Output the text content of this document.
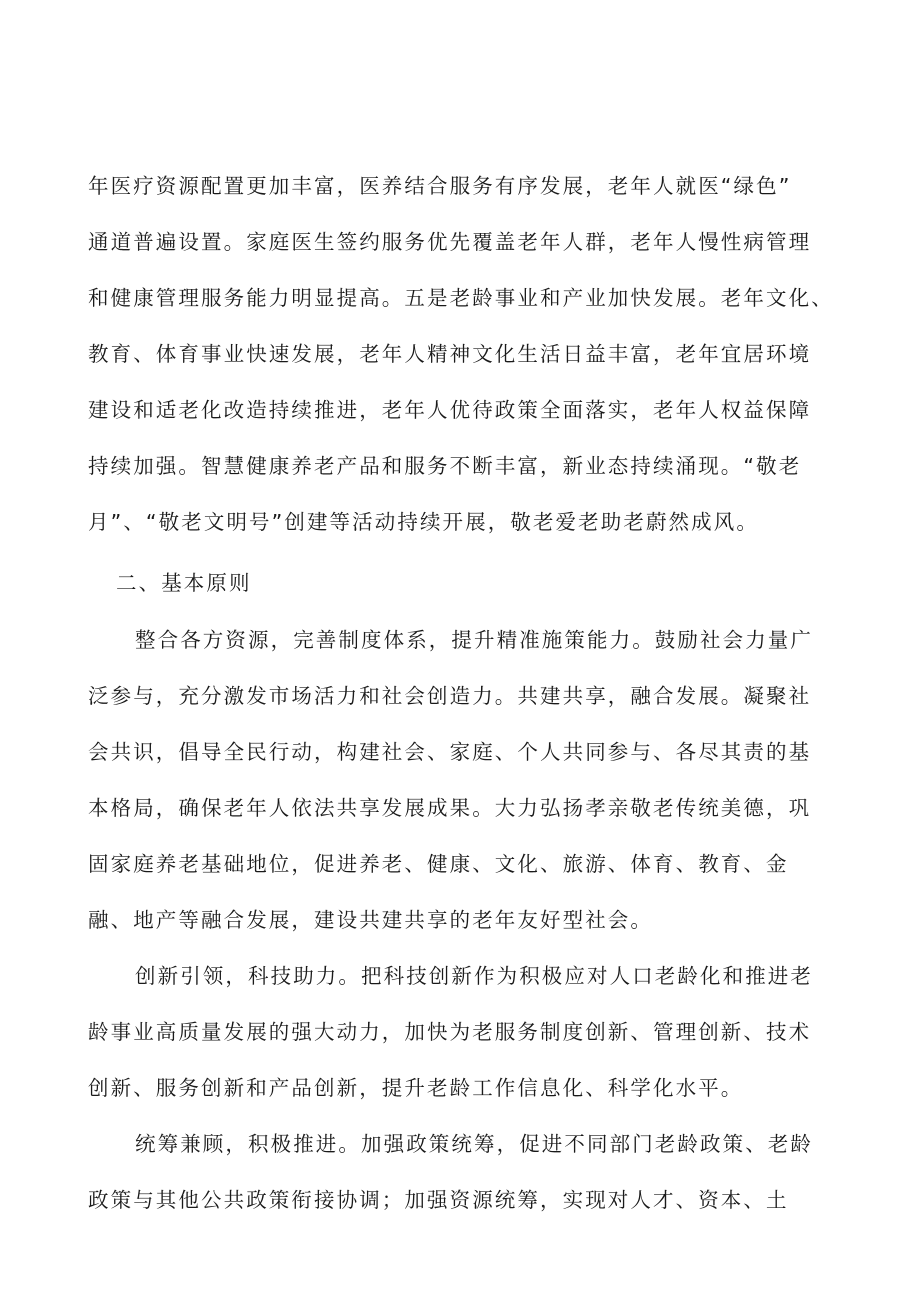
年医疗资源配置更加丰富，医养结合服务有序发展，老年人就医“绿色”
通道普遍设置。家庭医生签约服务优先覆盖老年人群，老年人慢性病管理
和健康管理服务能力明显提高。五是老龄事业和产业加快发展。老年文化、
教育、体育事业快速发展，老年人精神文化生活日益丰富，老年宜居环境
建设和适老化改造持续推进，老年人优待政策全面落实，老年人权益保障
持续加强。智慧健康养老产品和服务不断丰富，新业态持续涌现。“敬老
月”、“敬老文明号”创建等活动持续开展，敬老爱老助老蔚然成风。
二、基本原则
整合各方资源，完善制度体系，提升精准施策能力。鼓励社会力量广
泛参与，充分激发市场活力和社会创造力。共建共享，融合发展。凝聚社
会共识，倡导全民行动，构建社会、家庭、个人共同参与、各尽其责的基
本格局，确保老年人依法共享发展成果。大力弘扬孝亲敬老传统美德，巩
固家庭养老基础地位，促进养老、健康、文化、旅游、体育、教育、金
融、地产等融合发展，建设共建共享的老年友好型社会。
创新引领，科技助力。把科技创新作为积极应对人口老龄化和推进老
龄事业高质量发展的强大动力，加快为老服务制度创新、管理创新、技术
创新、服务创新和产品创新，提升老龄工作信息化、科学化水平。
统筹兼顾，积极推进。加强政策统筹，促进不同部门老龄政策、老龄
政策与其他公共政策衔接协调；加强资源统筹，实现对人才、资本、土
